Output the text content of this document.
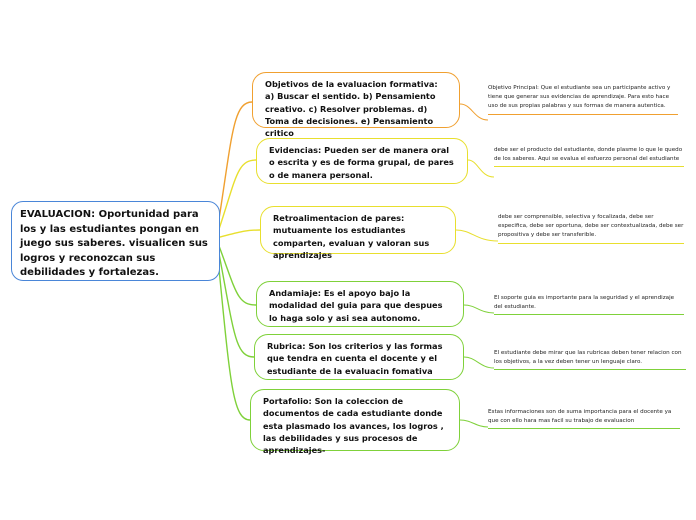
EVALUACION: Oportunidad para los y las estudiantes pongan en juego sus saberes. visualicen sus logros y reconozcan sus debilidades y fortalezas.
Objetivos de la evaluacion formativa: a) Buscar el sentido. b) Pensamiento creativo. c) Resolver problemas. d) Toma de decisiones. e) Pensamiento critico
Evidencias: Pueden ser de manera oral o escrita y es de forma grupal, de pares o de manera personal.
Retroalimentacion de pares: mutuamente los estudiantes comparten, evaluan y valoran sus aprendizajes
Andamiaje: Es el apoyo bajo la modalidad del guia para que despues lo haga solo y asi sea autonomo.
Rubrica: Son los criterios y las formas que tendra en cuenta el docente y el estudiante de la evaluacin fomativa
Portafolio: Son la coleccion de documentos de cada estudiante donde esta plasmado los avances, los logros , las debilidades y sus procesos de aprendizajes-
Objetivo Principal: Que el estudiante sea un participante activo y tiene que generar sus evidencias de aprendizaje. Para esto hace uso de sus propias palabras y sus formas de manera autentica.
debe ser el producto del estudiante, donde plasme lo que le quedo de los saberes. Aqui se evalua el esfuerzo personal del estudiante
debe ser comprensible, selectiva y focalizada, debe ser especifica, debe ser oportuna, debe ser contextualizada, debe ser propositiva y debe ser transferible.
El soporte guia es importante para la seguridad y el aprendizaje del estudiante.
El estudiante debe mirar que las rubricas deben tener relacion con los objetivos, a la vez deben tener un lenguaje claro.
Estas informaciones son de suma importancia para el docente ya que con ello hara mas facil su trabajo de evaluacion
